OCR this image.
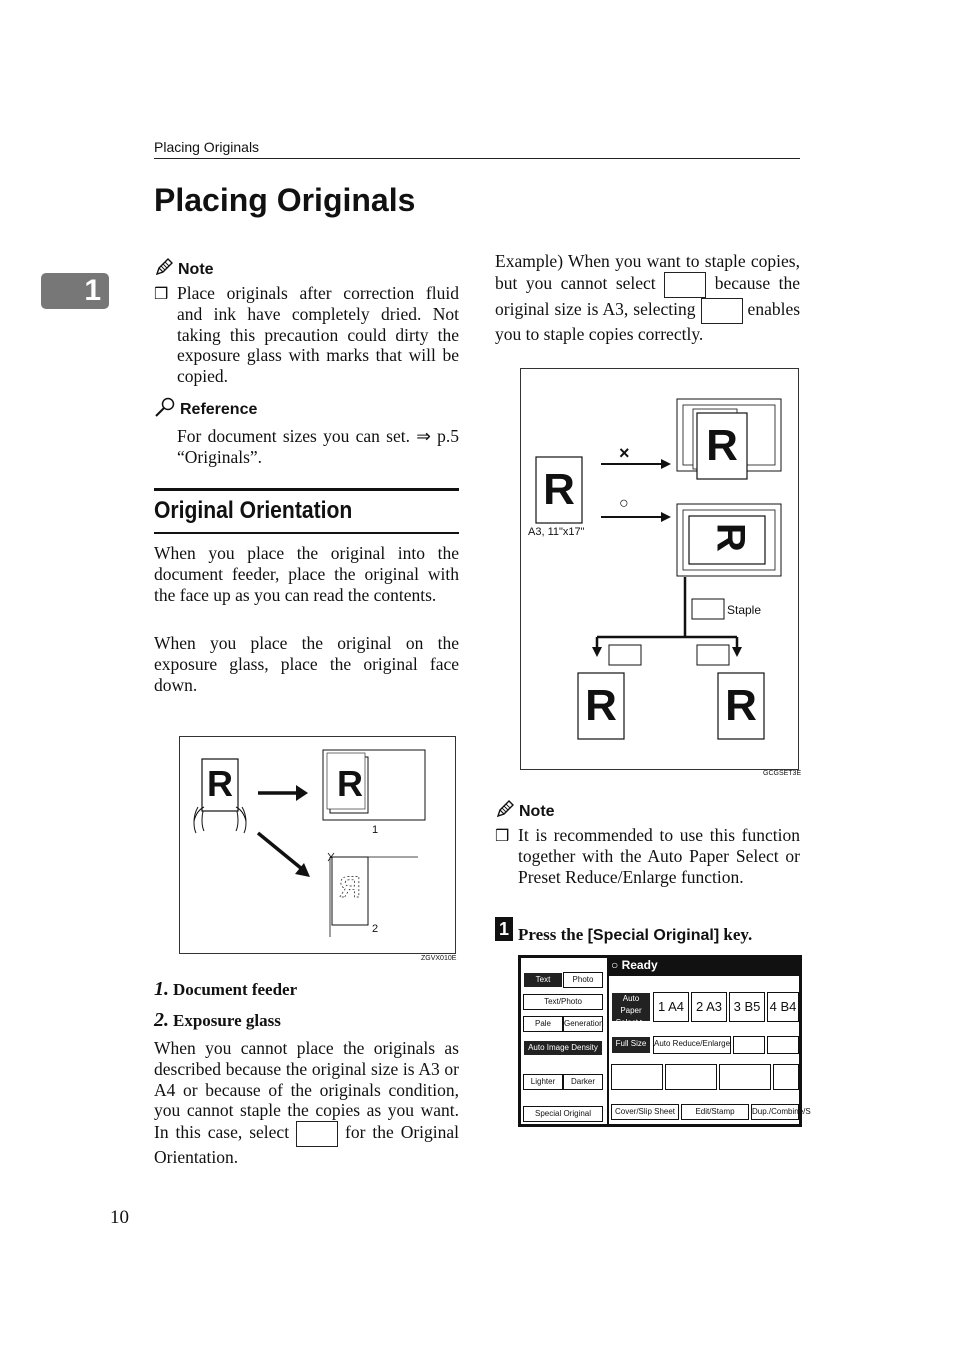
Placing Originals
1
Placing Originals
Note
❒ Place originals after correction fluid and ink have completely dried. Not taking this precaution could dirty the exposure glass with marks that will be copied.
Reference
For document sizes you can set. ⇒ p.5 “Originals”.
Original Orientation
When you place the original into the document feeder, place the original with the face up as you can read the contents.
When you place the original on the exposure glass, place the original face down.
R
R	R
1
2
ZGVX010E
1. Document feeder
2. Exposure glass
When you cannot place the originals as described because the original size is A3 or A4 or because of the originals condition, you cannot staple the copies as you want. In this case, select	for the Original Orientation.
Example) When you want to staple copies, but you cannot select	because the original size is A3, selecting	enables you to staple copies correctly.
R
R
R
R R
A3, 11"x17"
×
○
Staple
GCGSET3E
Note
❒ It is recommended to use this function together with the Auto Paper Select or Preset Reduce/Enlarge function.
1 Press the [Special Original] key.
Text	Photo
Text/Photo
Pale	Generation
Auto Image Density
Lighter	Darker
Special Original
○ Ready
Auto Paper Select ▶
1 A4 2 A3 3 B5 4 B4
Full Size Auto Reduce/Enlarge
Cover/Slip Sheet	Edit/Stamp	Dup./Combine/S
10
